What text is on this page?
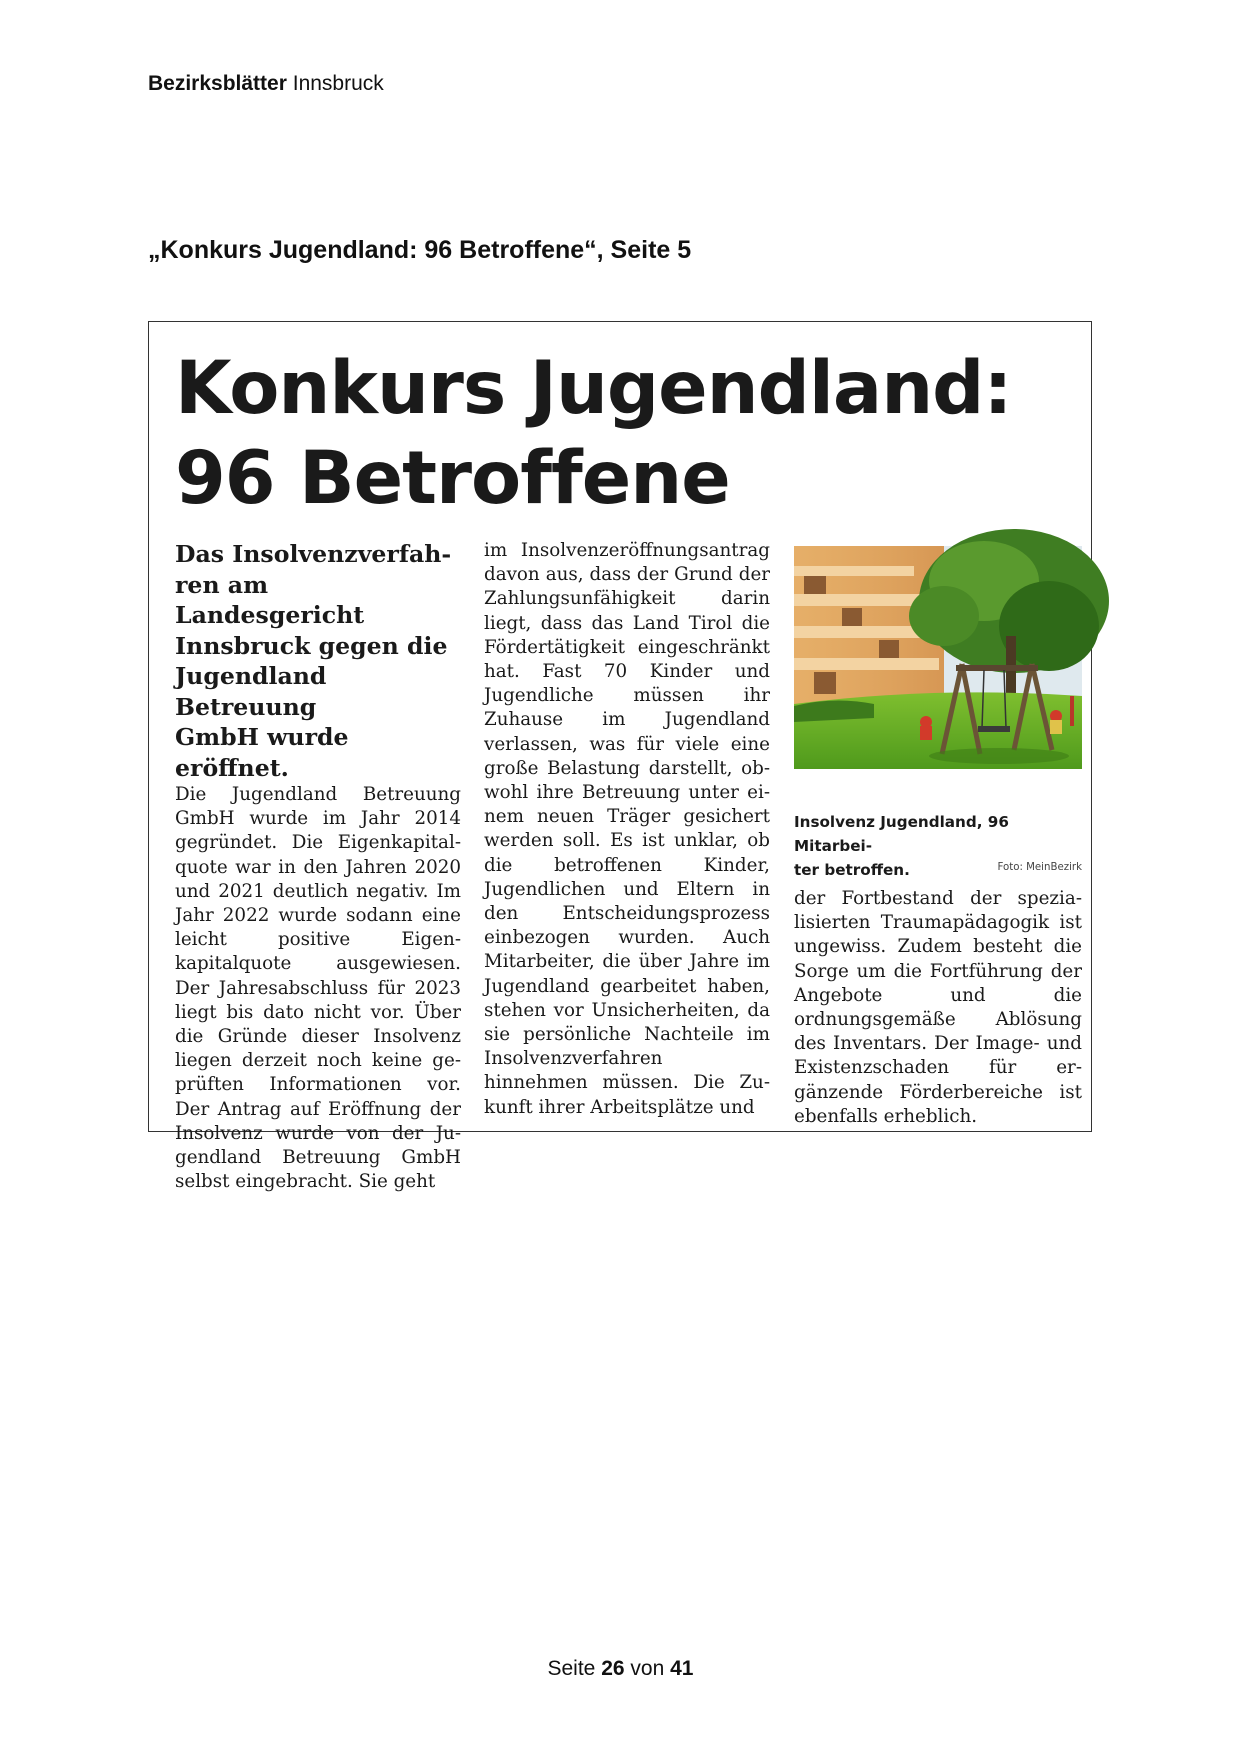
Bezirksblätter Innsbruck
„Konkurs Jugendland: 96 Betroffene“, Seite 5
Konkurs Jugendland:
96 Betroffene

Das Insolvenzverfah-
ren am Landesgericht
Innsbruck gegen die
Jugendland Betreuung
GmbH wurde eröffnet.

Die Jugendland Betreuung GmbH wurde im Jahr 2014 gegründet. Die Eigenkapitalquote war in den Jahren 2020 und 2021 deutlich negativ. Im Jahr 2022 wurde sodann eine leicht positive Eigenkapitalquote ausgewiesen. Der Jahresabschluss für 2023 liegt bis dato nicht vor. Über die Gründe dieser Insolvenz liegen derzeit noch keine geprüften Informationen vor. Der Antrag auf Eröffnung der Insolvenz wurde von der Jugendland Betreuung GmbH selbst eingebracht. Sie geht

im Insolvenzeröffnungsantrag davon aus, dass der Grund der Zahlungsunfähigkeit darin liegt, dass das Land Tirol die Fördertätigkeit eingeschränkt hat. Fast 70 Kinder und Jugendliche müssen ihr Zuhause im Jugendland verlassen, was für viele eine große Belastung darstellt, obwohl ihre Betreuung unter einem neuen Träger gesichert werden soll. Es ist unklar, ob die betroffenen Kinder, Jugendlichen und Eltern in den Entscheidungsprozess einbezogen wurden. Auch Mitarbeiter, die über Jahre im Jugendland gearbeitet haben, stehen vor Unsicherheiten, da sie persönliche Nachteile im Insolvenzverfahren hinnehmen müssen. Die Zukunft ihrer Arbeitsplätze und

Insolvenz Jugendland, 96 Mitarbei-
ter betroffen.	Foto: MeinBezirk

der Fortbestand der spezialisierten Traumapädagogik ist ungewiss. Zudem besteht die Sorge um die Fortführung der Angebote und die ordnungsgemäße Ablösung des Inventars. Der Image- und Existenzschaden für ergänzende Förderbereiche ist ebenfalls erheblich.

Seite 26 von 41
